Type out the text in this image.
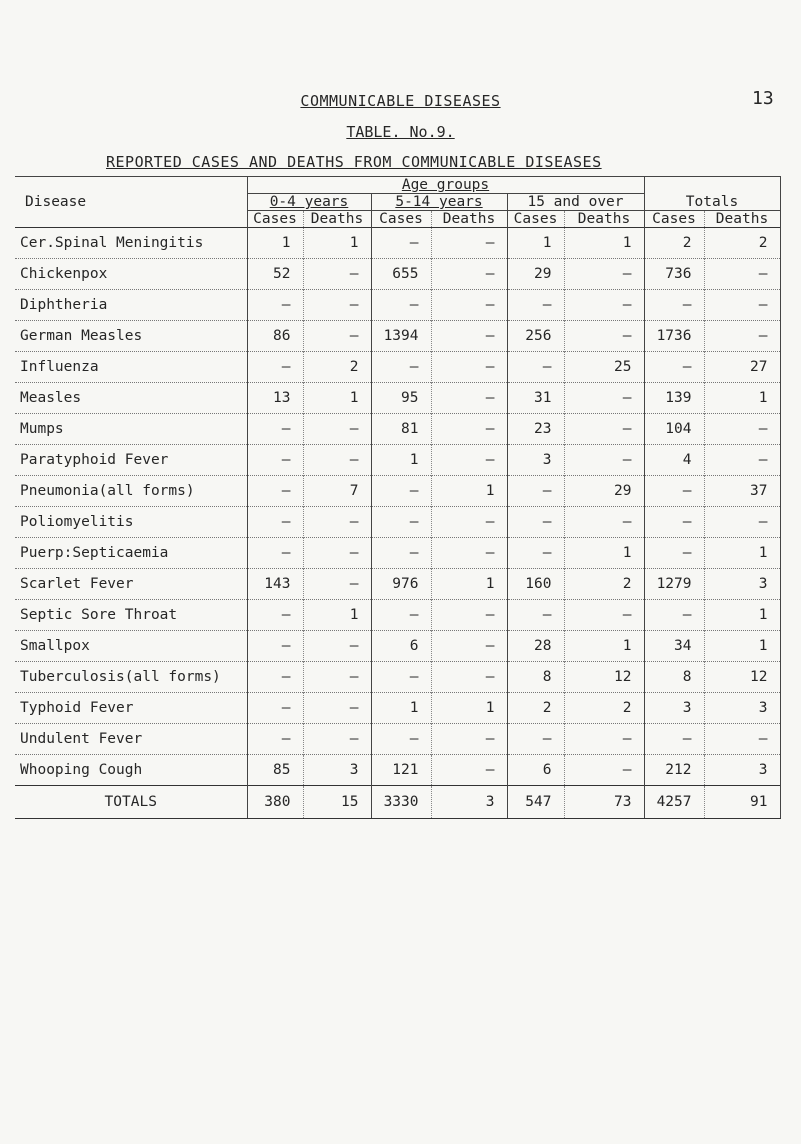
13
COMMUNICABLE DISEASES
TABLE. No.9.
REPORTED CASES AND DEATHS FROM COMMUNICABLE DISEASES
Disease	Age groups							
	0-4 years		5-14 years		15 and over		Totals	
	Cases	Deaths	Cases	Deaths	Cases	Deaths	Cases	Deaths
Cer.Spinal Meningitis	1	1	–	–	1	1	2	2
Chickenpox	52	–	655	–	29	–	736	–
Diphtheria	–	–	–	–	–	–	–	–
German Measles	86	–	1394	–	256	–	1736	–
Influenza	–	2	–	–	–	25	–	27
Measles	13	1	95	–	31	–	139	1
Mumps	–	–	81	–	23	–	104	–
Paratyphoid Fever	–	–	1	–	3	–	4	–
Pneumonia(all forms)	–	7	–	1	–	29	–	37
Poliomyelitis	–	–	–	–	–	–	–	–
Puerp:Septicaemia	–	–	–	–	–	1	–	1
Scarlet Fever	143	–	976	1	160	2	1279	3
Septic Sore Throat	–	1	–	–	–	–	–	1
Smallpox	–	–	6	–	28	1	34	1
Tuberculosis(all forms)	–	–	–	–	8	12	8	12
Typhoid Fever	–	–	1	1	2	2	3	3
Undulent Fever	–	–	–	–	–	–	–	–
Whooping Cough	85	3	121	–	6	–	212	3
TOTALS	380	15	3330	3	547	73	4257	91
